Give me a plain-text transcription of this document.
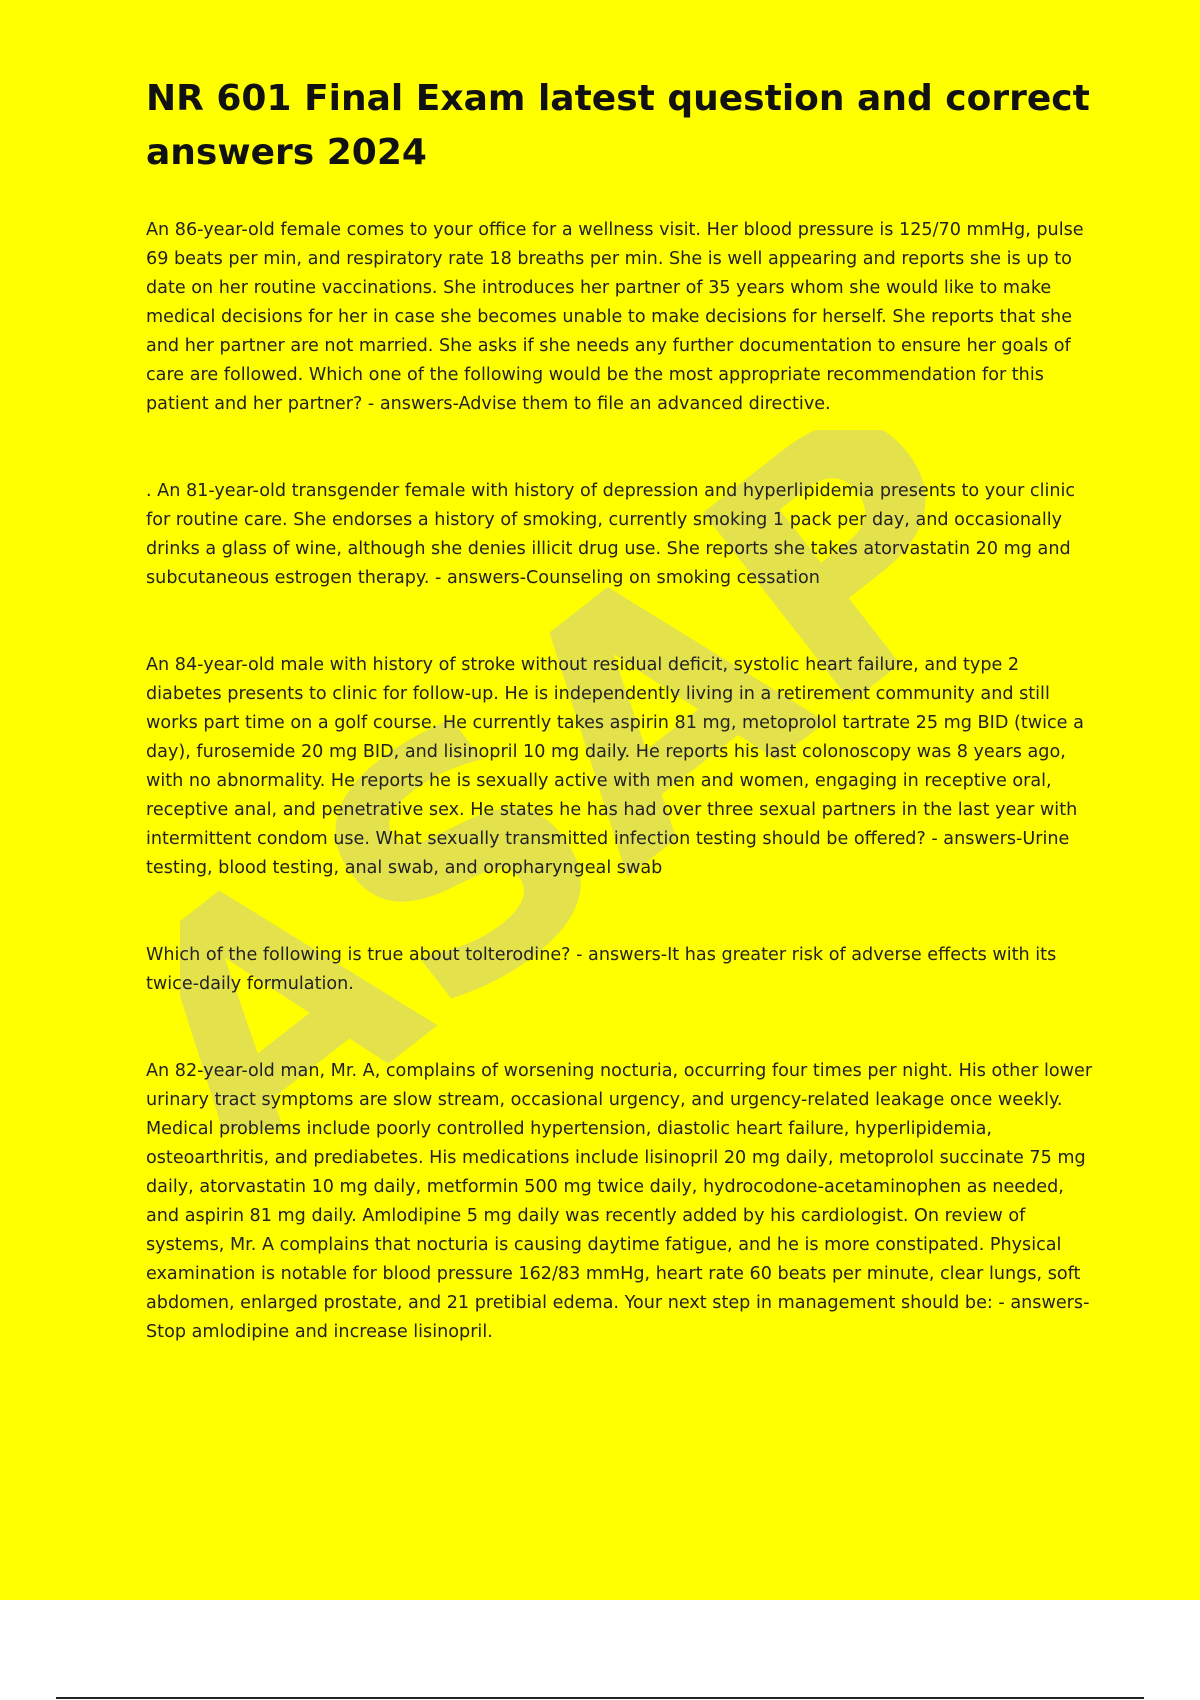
ASAP
NR 601 Final Exam latest question and correct answers 2024

An 86-year-old female comes to your office for a wellness visit. Her blood pressure is 125/70 mmHg, pulse 69 beats per min, and respiratory rate 18 breaths per min. She is well appearing and reports she is up to date on her routine vaccinations. She introduces her partner of 35 years whom she would like to make medical decisions for her in case she becomes unable to make decisions for herself. She reports that she and her partner are not married. She asks if she needs any further documentation to ensure her goals of care are followed. Which one of the following would be the most appropriate recommendation for this patient and her partner? - answers-Advise them to file an advanced directive.

. An 81-year-old transgender female with history of depression and hyperlipidemia presents to your clinic for routine care. She endorses a history of smoking, currently smoking 1 pack per day, and occasionally drinks a glass of wine, although she denies illicit drug use. She reports she takes atorvastatin 20 mg and subcutaneous estrogen therapy. - answers-Counseling on smoking cessation

An 84-year-old male with history of stroke without residual deficit, systolic heart failure, and type 2 diabetes presents to clinic for follow-up. He is independently living in a retirement community and still works part time on a golf course. He currently takes aspirin 81 mg, metoprolol tartrate 25 mg BID (twice a day), furosemide 20 mg BID, and lisinopril 10 mg daily. He reports his last colonoscopy was 8 years ago, with no abnormality. He reports he is sexually active with men and women, engaging in receptive oral, receptive anal, and penetrative sex. He states he has had over three sexual partners in the last year with intermittent condom use. What sexually transmitted infection testing should be offered? - answers-Urine testing, blood testing, anal swab, and oropharyngeal swab

Which of the following is true about tolterodine? - answers-It has greater risk of adverse effects with its twice-daily formulation.

An 82-year-old man, Mr. A, complains of worsening nocturia, occurring four times per night. His other lower urinary tract symptoms are slow stream, occasional urgency, and urgency-related leakage once weekly. Medical problems include poorly controlled hypertension, diastolic heart failure, hyperlipidemia, osteoarthritis, and prediabetes. His medications include lisinopril 20 mg daily, metoprolol succinate 75 mg daily, atorvastatin 10 mg daily, metformin 500 mg twice daily, hydrocodone-acetaminophen as needed, and aspirin 81 mg daily. Amlodipine 5 mg daily was recently added by his cardiologist. On review of systems, Mr. A complains that nocturia is causing daytime fatigue, and he is more constipated. Physical examination is notable for blood pressure 162/83 mmHg, heart rate 60 beats per minute, clear lungs, soft abdomen, enlarged prostate, and 21 pretibial edema. Your next step in management should be: - answers-Stop amlodipine and increase lisinopril.
